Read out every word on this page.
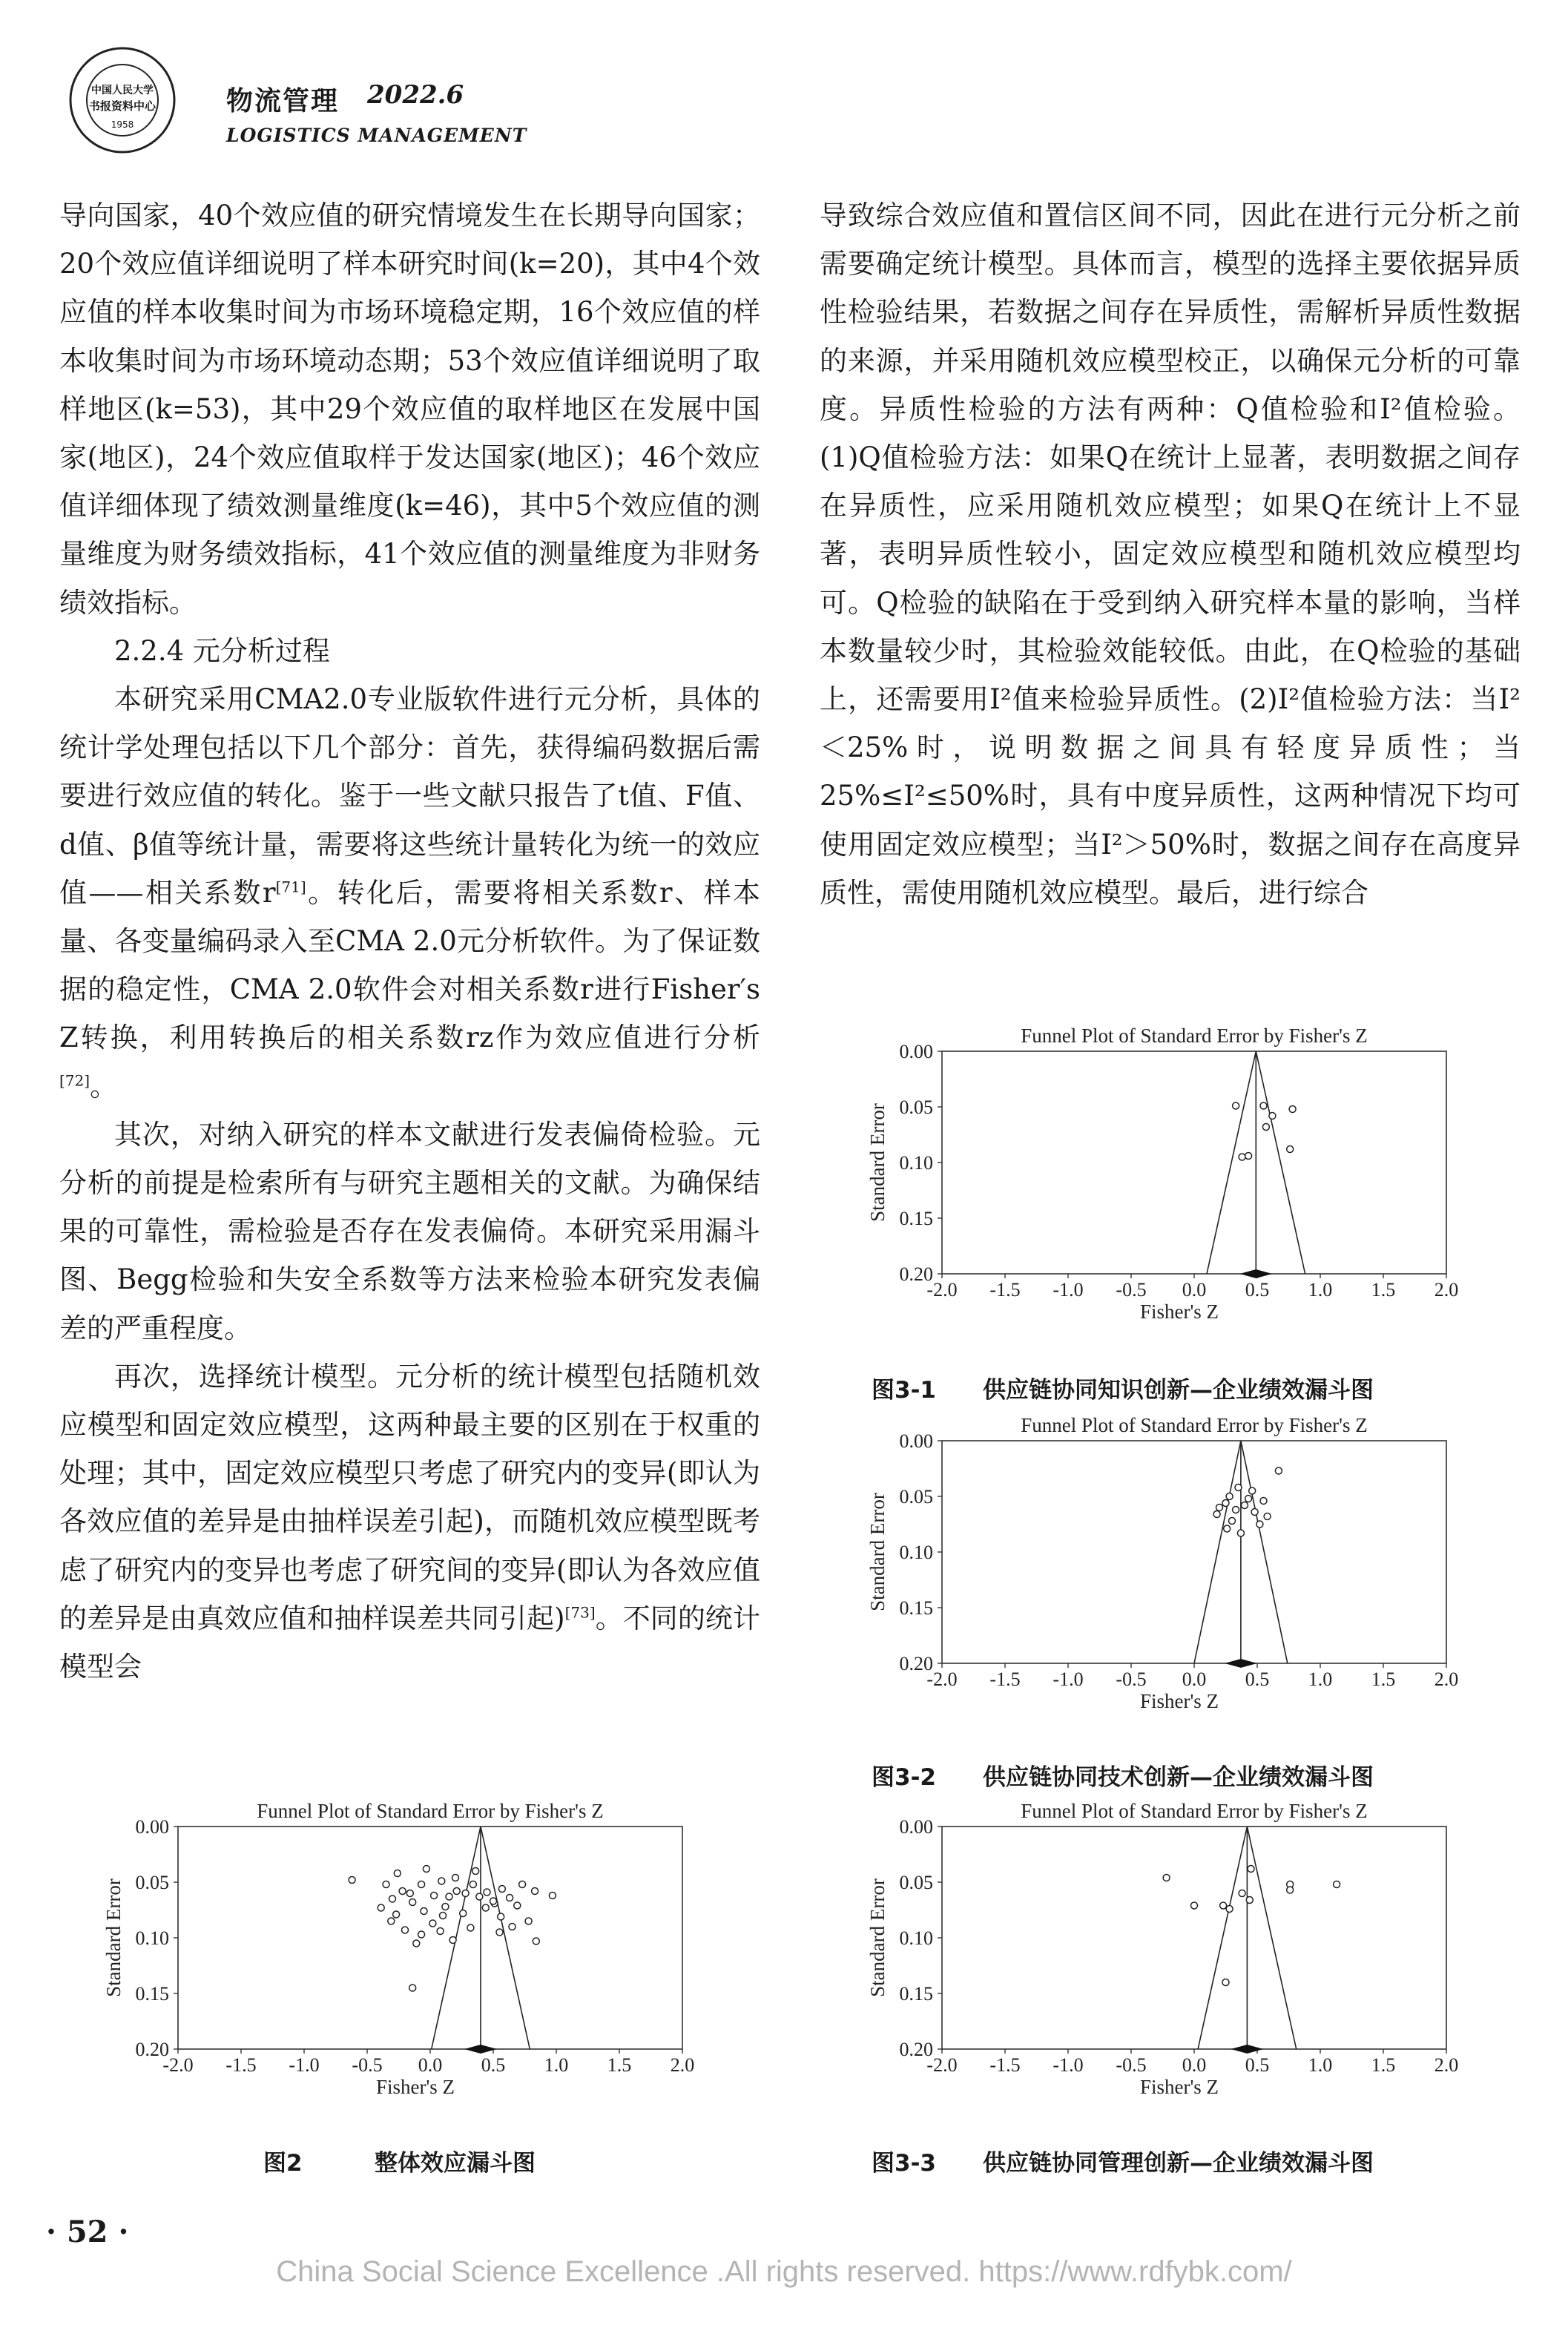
中国人民大学
书报资料中心
1958
物流管理 2022.6
LOGISTICS MANAGEMENT

导向国家，40个效应值的研究情境发生在长期导向国家；20个效应值详细说明了样本研究时间(k=20)，其中4个效应值的样本收集时间为市场环境稳定期，16个效应值的样本收集时间为市场环境动态期；53个效应值详细说明了取样地区(k=53)，其中29个效应值的取样地区在发展中国家(地区)，24个效应值取样于发达国家(地区)；46个效应值详细体现了绩效测量维度(k=46)，其中5个效应值的测量维度为财务绩效指标，41个效应值的测量维度为非财务绩效指标。

2.2.4 元分析过程

本研究采用CMA2.0专业版软件进行元分析，具体的统计学处理包括以下几个部分：首先，获得编码数据后需要进行效应值的转化。鉴于一些文献只报告了t值、F值、d值、β值等统计量，需要将这些统计量转化为统一的效应值——相关系数r[71]。转化后，需要将相关系数r、样本量、各变量编码录入至CMA 2.0元分析软件。为了保证数据的稳定性，CMA 2.0软件会对相关系数r进行Fisher′s Z转换，利用转换后的相关系数rz作为效应值进行分析[72]。

其次，对纳入研究的样本文献进行发表偏倚检验。元分析的前提是检索所有与研究主题相关的文献。为确保结果的可靠性，需检验是否存在发表偏倚。本研究采用漏斗图、Begg检验和失安全系数等方法来检验本研究发表偏差的严重程度。

再次，选择统计模型。元分析的统计模型包括随机效应模型和固定效应模型，这两种最主要的区别在于权重的处理；其中，固定效应模型只考虑了研究内的变异(即认为各效应值的差异是由抽样误差引起)，而随机效应模型既考虑了研究内的变异也考虑了研究间的变异(即认为各效应值的差异是由真效应值和抽样误差共同引起)[73]。不同的统计模型会

导致综合效应值和置信区间不同，因此在进行元分析之前需要确定统计模型。具体而言，模型的选择主要依据异质性检验结果，若数据之间存在异质性，需解析异质性数据的来源，并采用随机效应模型校正，以确保元分析的可靠度。异质性检验的方法有两种：Q值检验和I²值检验。(1)Q值检验方法：如果Q在统计上显著，表明数据之间存在异质性，应采用随机效应模型；如果Q在统计上不显著，表明异质性较小，固定效应模型和随机效应模型均可。Q检验的缺陷在于受到纳入研究样本量的影响，当样本数量较少时，其检验效能较低。由此，在Q检验的基础上，还需要用I²值来检验异质性。(2)I²值检验方法：当I²＜25%时，说明数据之间具有轻度异质性；当25%≤I²≤50%时，具有中度异质性，这两种情况下均可使用固定效应模型；当I²＞50%时，数据之间存在高度异质性，需使用随机效应模型。最后，进行综合

Funnel Plot of Standard Error by Fisher's Z
0.00
0.05
0.10
0.15
0.20
-2.0 -1.5 -1.0 -0.5 0.0 0.5 1.0 1.5 2.0
Fisher's Z
Standard Error
图2	整体效应漏斗图
Funnel Plot of Standard Error by Fisher's Z
0.00
0.05
0.10
0.15
0.20
-2.0 -1.5 -1.0 -0.5 0.0 0.5 1.0 1.5 2.0
Fisher's Z
Standard Error
图3-1 供应链协同知识创新—企业绩效漏斗图
Funnel Plot of Standard Error by Fisher's Z
0.00
0.05
0.10
0.15
0.20
-2.0 -1.5 -1.0 -0.5 0.0 0.5 1.0 1.5 2.0
Fisher's Z
Standard Error
图3-2 供应链协同技术创新—企业绩效漏斗图
Funnel Plot of Standard Error by Fisher's Z
0.00
0.05
0.10
0.15
0.20
-2.0 -1.5 -1.0 -0.5 0.0 0.5 1.0 1.5 2.0
Fisher's Z
Standard Error
图3-3 供应链协同管理创新—企业绩效漏斗图
· 52 ·
China Social Science Excellence .All rights reserved. https://www.rdfybk.com/
